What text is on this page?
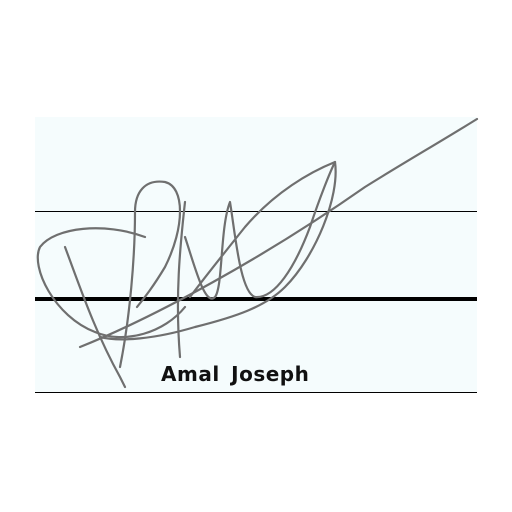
Amal Joseph
